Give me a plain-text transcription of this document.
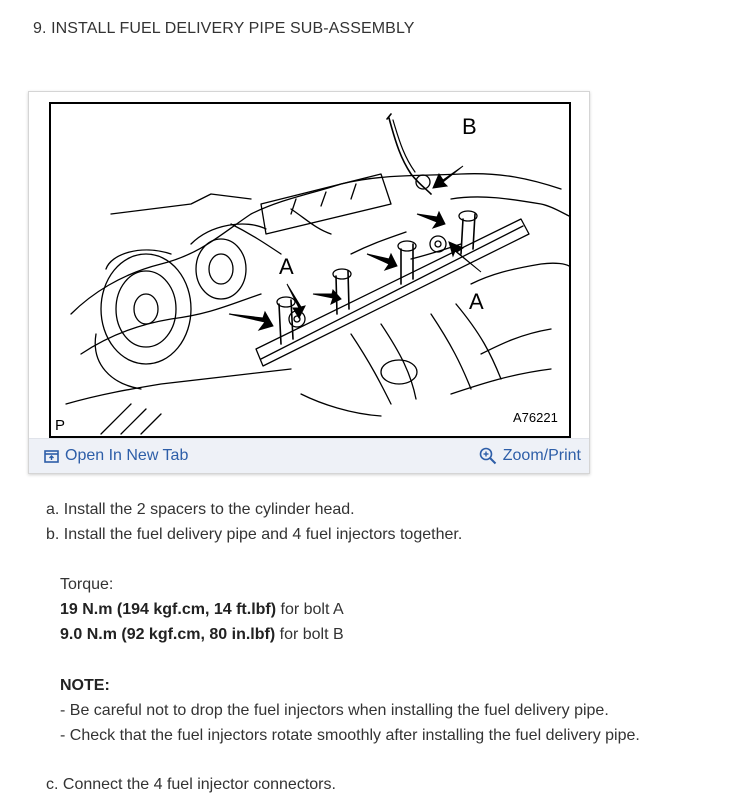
9. INSTALL FUEL DELIVERY PIPE SUB-ASSEMBLY
A
B
A
P	A76221
Open In New Tab	Zoom/Print
a. Install the 2 spacers to the cylinder head.
b. Install the fuel delivery pipe and 4 fuel injectors together.
Torque:
19 N.m (194 kgf.cm, 14 ft.lbf) for bolt A
9.0 N.m (92 kgf.cm, 80 in.lbf) for bolt B
NOTE:
- Be careful not to drop the fuel injectors when installing the fuel delivery pipe.
- Check that the fuel injectors rotate smoothly after installing the fuel delivery pipe.
c. Connect the 4 fuel injector connectors.
